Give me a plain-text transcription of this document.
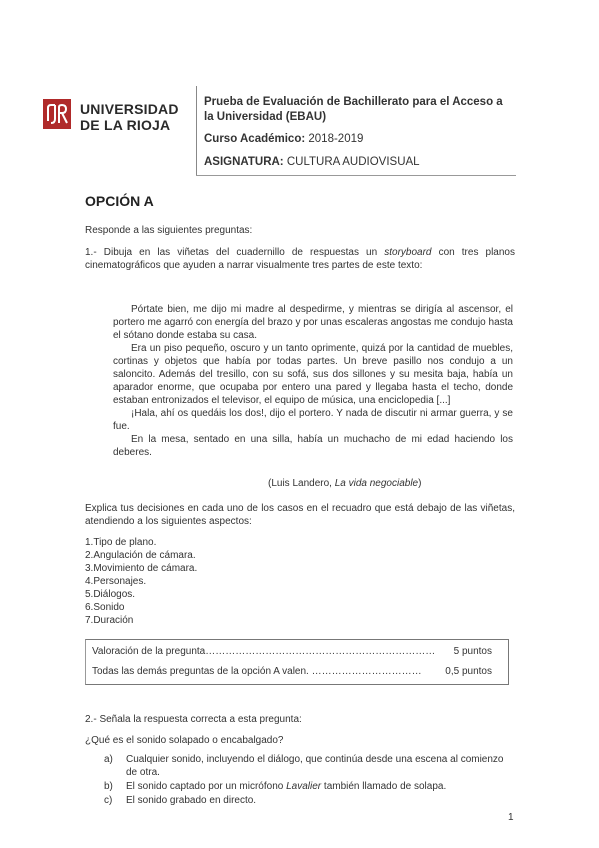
UNIVERSIDAD DE LA RIOJA
Prueba de Evaluación de Bachillerato para el Acceso a la Universidad (EBAU)
Curso Académico: 2018-2019
ASIGNATURA: CULTURA AUDIOVISUAL
OPCIÓN A
Responde a las siguientes preguntas:
1.- Dibuja en las viñetas del cuadernillo de respuestas un storyboard con tres planos cinematográficos que ayuden a narrar visualmente tres partes de este texto:

Pórtate bien, me dijo mi madre al despedirme, y mientras se dirigía al ascensor, el portero me agarró con energía del brazo y por unas escaleras angostas me condujo hasta el sótano donde estaba su casa.

Era un piso pequeño, oscuro y un tanto oprimente, quizá por la cantidad de muebles, cortinas y objetos que había por todas partes. Un breve pasillo nos condujo a un saloncito. Además del tresillo, con su sofá, sus dos sillones y su mesita baja, había un aparador enorme, que ocupaba por entero una pared y llegaba hasta el techo, donde estaban entronizados el televisor, el equipo de música, una enciclopedia [...]

¡Hala, ahí os quedáis los dos!, dijo el portero. Y nada de discutir ni armar guerra, y se fue.

En la mesa, sentado en una silla, había un muchacho de mi edad haciendo los deberes.

(Luis Landero, La vida negociable)
Explica tus decisiones en cada uno de los casos en el recuadro que está debajo de las viñetas, atendiendo a los siguientes aspectos:
1.Tipo de plano.
2.Angulación de cámara.
3.Movimiento de cámara.
4.Personajes.
5.Diálogos.
6.Sonido
7.Duración
Valoración de la pregunta…………………………………………………………… 5 puntos
Todas las demás preguntas de la opción A valen. …………………………… 0,5 puntos
2.- Señala la respuesta correcta a esta pregunta:
¿Qué es el sonido solapado o encabalgado?
a) Cualquier sonido, incluyendo el diálogo, que continúa desde una escena al comienzo de otra.
b) El sonido captado por un micrófono Lavalier también llamado de solapa.
c) El sonido grabado en directo.
1
